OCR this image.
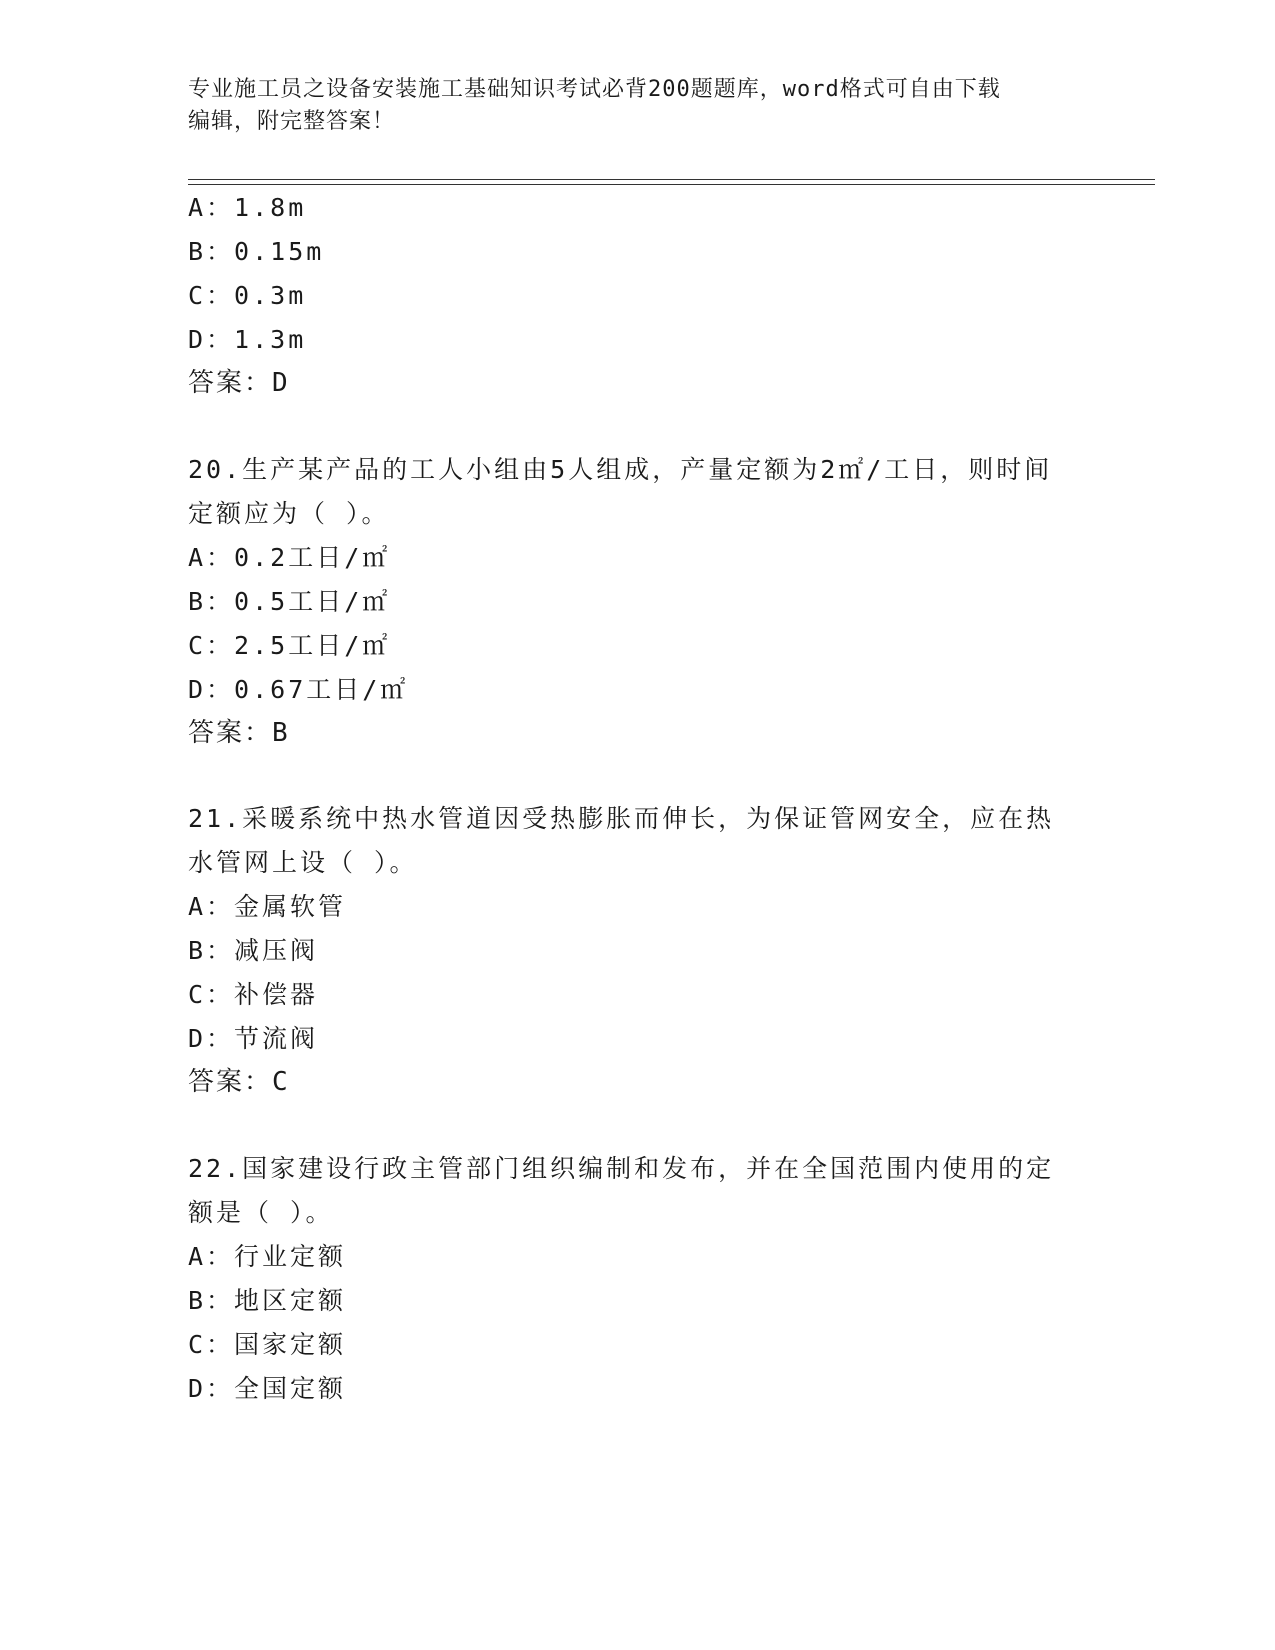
专业施工员之设备安装施工基础知识考试必背200题题库，word格式可自由下载
编辑，附完整答案！
A：1.8m
B：0.15m
C：0.3m
D：1.3m
答案：D
20.生产某产品的工人小组由5人组成，产量定额为2㎡/工日，则时间
定额应为（ ）。
A：0.2工日/㎡
B：0.5工日/㎡
C：2.5工日/㎡
D：0.67工日/㎡
答案：B
21.采暖系统中热水管道因受热膨胀而伸长，为保证管网安全，应在热
水管网上设（ ）。
A：金属软管
B：减压阀
C：补偿器
D：节流阀
答案：C
22.国家建设行政主管部门组织编制和发布，并在全国范围内使用的定
额是（ ）。
A：行业定额
B：地区定额
C：国家定额
D：全国定额
